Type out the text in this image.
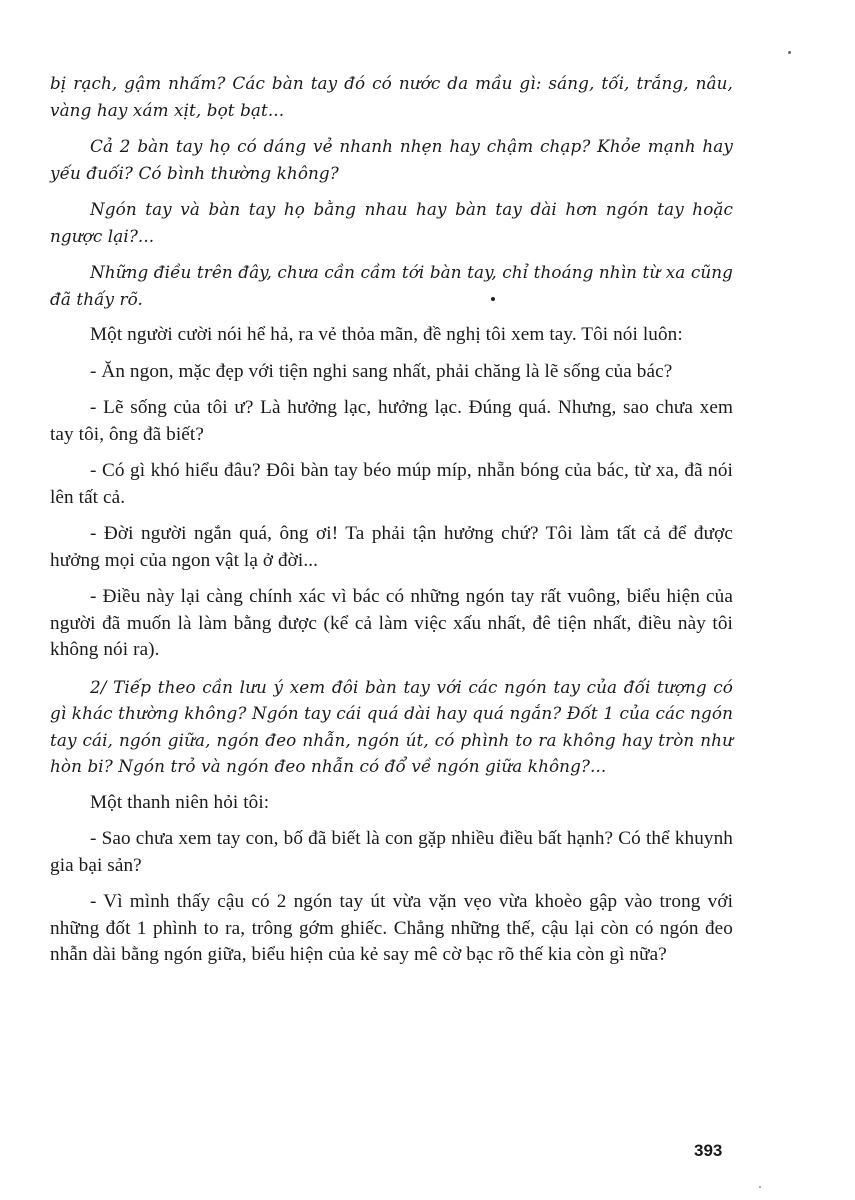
bị rạch, gậm nhấm? Các bàn tay đó có nước da mầu gì: sáng, tối, trắng, nâu, vàng hay xám xịt, bọt bạt...

Cả 2 bàn tay họ có dáng vẻ nhanh nhẹn hay chậm chạp? Khỏe mạnh hay yếu đuối? Có bình thường không?

Ngón tay và bàn tay họ bằng nhau hay bàn tay dài hơn ngón tay hoặc ngược lại?...

Những điều trên đây, chưa cần cầm tới bàn tay, chỉ thoáng nhìn từ xa cũng đã thấy rõ.

Một người cười nói hể hả, ra vẻ thỏa mãn, đề nghị tôi xem tay. Tôi nói luôn:

- Ăn ngon, mặc đẹp với tiện nghi sang nhất, phải chăng là lẽ sống của bác?

- Lẽ sống của tôi ư? Là hưởng lạc, hưởng lạc. Đúng quá. Nhưng, sao chưa xem tay tôi, ông đã biết?

- Có gì khó hiểu đâu? Đôi bàn tay béo múp míp, nhẵn bóng của bác, từ xa, đã nói lên tất cả.

- Đời người ngắn quá, ông ơi! Ta phải tận hưởng chứ? Tôi làm tất cả để được hưởng mọi của ngon vật lạ ở đời...

- Điều này lại càng chính xác vì bác có những ngón tay rất vuông, biểu hiện của người đã muốn là làm bằng được (kể cả làm việc xấu nhất, đê tiện nhất, điều này tôi không nói ra).

2/ Tiếp theo cần lưu ý xem đôi bàn tay với các ngón tay của đối tượng có gì khác thường không? Ngón tay cái quá dài hay quá ngắn? Đốt 1 của các ngón tay cái, ngón giữa, ngón đeo nhẫn, ngón út, có phình to ra không hay tròn như hòn bi? Ngón trỏ và ngón đeo nhẫn có đổ về ngón giữa không?...

Một thanh niên hỏi tôi:

- Sao chưa xem tay con, bố đã biết là con gặp nhiều điều bất hạnh? Có thể khuynh gia bại sản?

- Vì mình thấy cậu có 2 ngón tay út vừa vặn vẹo vừa khoèo gập vào trong với những đốt 1 phình to ra, trông gớm ghiếc. Chẳng những thế, cậu lại còn có ngón đeo nhẫn dài bằng ngón giữa, biểu hiện của kẻ say mê cờ bạc rõ thế kia còn gì nữa?

393
